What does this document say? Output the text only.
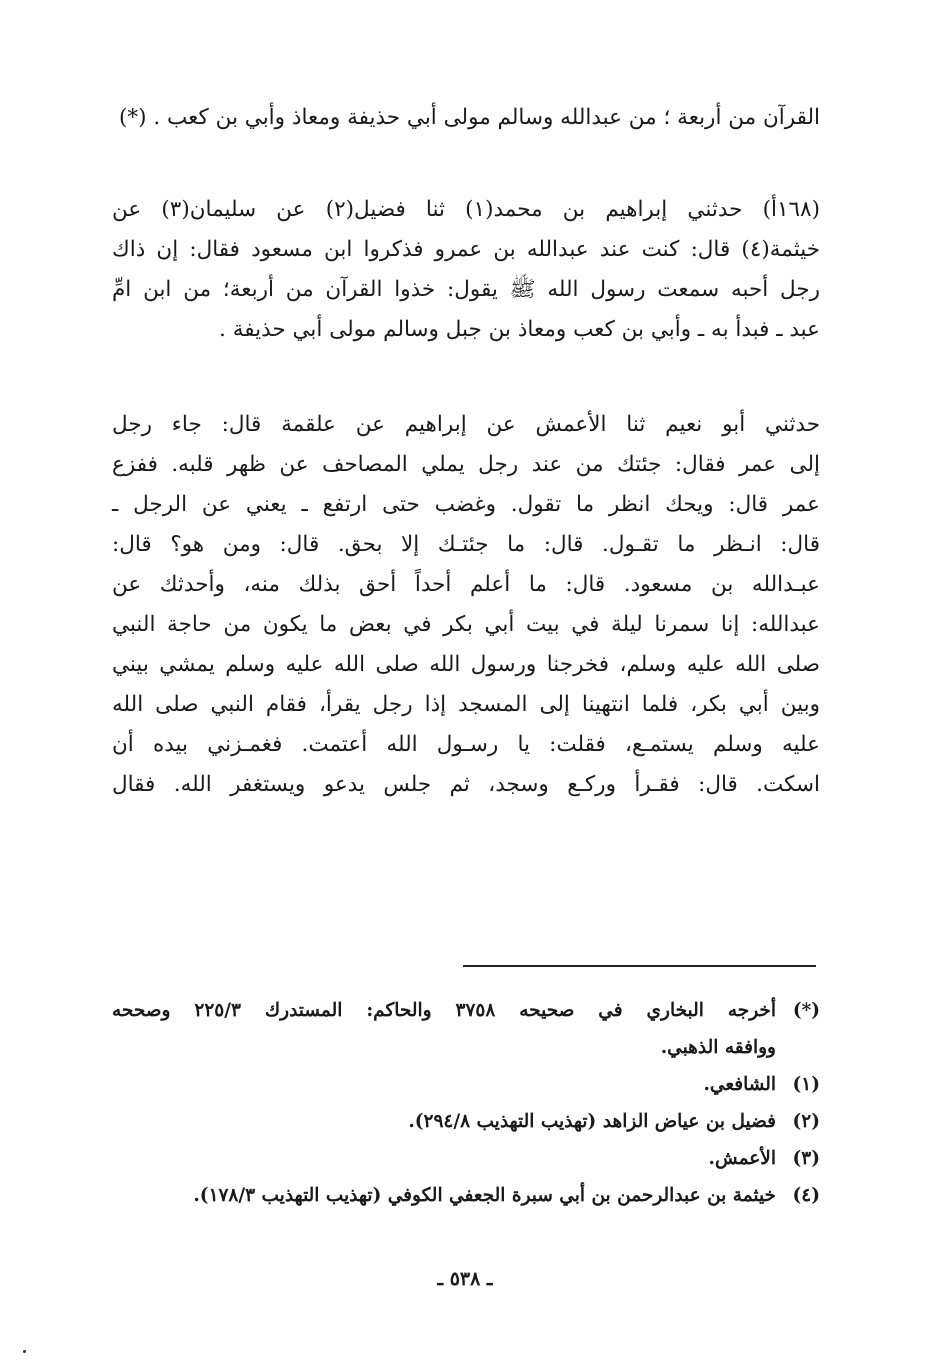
القرآن من أربعة ؛ من عبدالله وسالم مولى أبي حذيفة ومعاذ وأبي بن كعب . (*)
(١٦٨أ) حدثني إبراهيم بن محمد(١) ثنا فضيل(٢) عن سليمان(٣) عن
خيثمة(٤) قال: كنت عند عبدالله بن عمرو فذكروا ابن مسعود فقال: إن ذاك
رجل أحبه سمعت رسول الله ﷺ يقول: خذوا القرآن من أربعة؛ من ابن امِّ
عبد ـ فبدأ به ـ وأبي بن كعب ومعاذ بن جبل وسالم مولى أبي حذيفة .
حدثني أبو نعيم ثنا الأعمش عن إبراهيم عن علقمة قال: جاء رجل
إلى عمر فقال: جئتك من عند رجل يملي المصاحف عن ظهر قلبه. ففزع
عمر قال: ويحك انظر ما تقول. وغضب حتى ارتفع ـ يعني عن الرجل ـ
قال: انـظر ما تقـول. قال: ما جئتـك إلا بحق. قال: ومن هو؟ قال:
عبـدالله بن مسعود. قال: ما أعلم أحداً أحق بذلك منه، وأحدثك عن
عبدالله: إنا سمرنا ليلة في بيت أبي بكر في بعض ما يكون من حاجة النبي
صلى الله عليه وسلم، فخرجنا ورسول الله صلى الله عليه وسلم يمشي بيني
وبين أبي بكر، فلما انتهينا إلى المسجد إذا رجل يقرأ، فقام النبي صلى الله
عليه وسلم يستمـع، فقلت: يا رسـول الله أعتمت. فغمـزني بيده أن
اسكت. قال: فقـرأ وركـع وسجد، ثم جلس يدعو ويستغفر الله. فقال
(*)
أخرجه البخاري في صحيحه ٣٧٥٨ والحاكم: المستدرك ٢٢٥/٣ وصححه
ووافقه الذهبي.
(١)
الشافعي.
(٢)
فضيل بن عياض الزاهد (تهذيب التهذيب ٢٩٤/٨).
(٣)
الأعمش.
(٤)
خيثمة بن عبدالرحمن بن أبي سبرة الجعفي الكوفي (تهذيب التهذيب ١٧٨/٣).
ـ ٥٣٨ ـ
